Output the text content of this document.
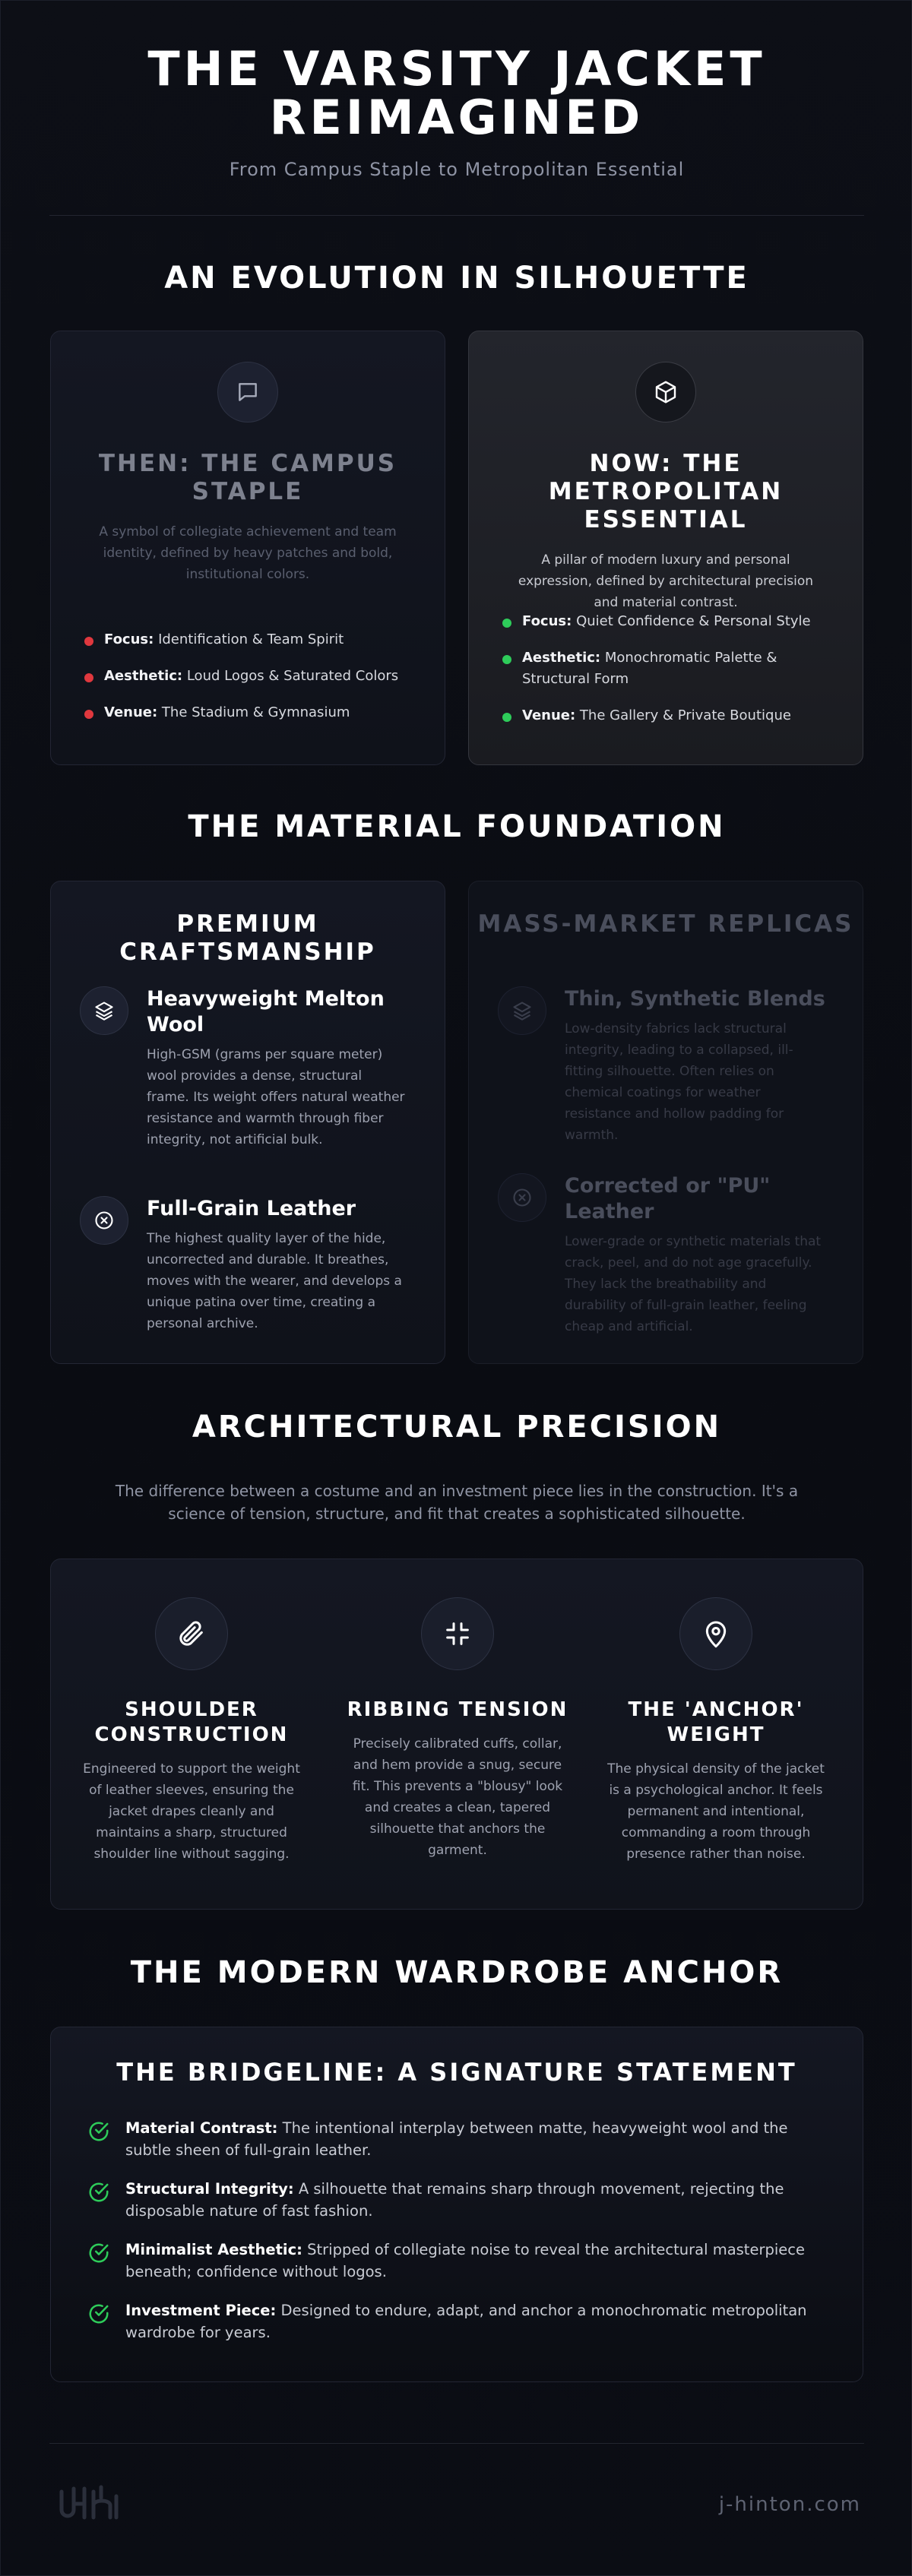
THE VARSITY JACKET REIMAGINED
From Campus Staple to Metropolitan Essential
AN EVOLUTION IN SILHOUETTE
THEN: THE CAMPUS STAPLE

A symbol of collegiate achievement and team identity, defined by heavy patches and bold, institutional colors.

Focus: Identification & Team Spirit
Aesthetic: Loud Logos & Saturated Colors
Venue: The Stadium & Gymnasium
NOW: THE METROPOLITAN ESSENTIAL

A pillar of modern luxury and personal expression, defined by architectural precision and material contrast.

Focus: Quiet Confidence & Personal Style
Aesthetic: Monochromatic Palette & Structural Form
Venue: The Gallery & Private Boutique
THE MATERIAL FOUNDATION
PREMIUM CRAFTSMANSHIP
Heavyweight Melton Wool

High-GSM (grams per square meter) wool provides a dense, structural frame. Its weight offers natural weather resistance and warmth through fiber integrity, not artificial bulk.

Full-Grain Leather

The highest quality layer of the hide, uncorrected and durable. It breathes, moves with the wearer, and develops a unique patina over time, creating a personal archive.

MASS-MARKET REPLICAS
Thin, Synthetic Blends

Low-density fabrics lack structural integrity, leading to a collapsed, ill-fitting silhouette. Often relies on chemical coatings for weather resistance and hollow padding for warmth.

Corrected or "PU" Leather

Lower-grade or synthetic materials that crack, peel, and do not age gracefully. They lack the breathability and durability of full-grain leather, feeling cheap and artificial.

ARCHITECTURAL PRECISION

The difference between a costume and an investment piece lies in the construction. It's a science of tension, structure, and fit that creates a sophisticated silhouette.

SHOULDER CONSTRUCTION

Engineered to support the weight of leather sleeves, ensuring the jacket drapes cleanly and maintains a sharp, structured shoulder line without sagging.

RIBBING TENSION

Precisely calibrated cuffs, collar, and hem provide a snug, secure fit. This prevents a "blousy" look and creates a clean, tapered silhouette that anchors the garment.

THE 'ANCHOR' WEIGHT

The physical density of the jacket is a psychological anchor. It feels permanent and intentional, commanding a room through presence rather than noise.

THE MODERN WARDROBE ANCHOR
THE BRIDGELINE: A SIGNATURE STATEMENT
Material Contrast: The intentional interplay between matte, heavyweight wool and the subtle sheen of full-grain leather.
Structural Integrity: A silhouette that remains sharp through movement, rejecting the disposable nature of fast fashion.
Minimalist Aesthetic: Stripped of collegiate noise to reveal the architectural masterpiece beneath; confidence without logos.
Investment Piece: Designed to endure, adapt, and anchor a monochromatic metropolitan wardrobe for years.
j-hinton.com
